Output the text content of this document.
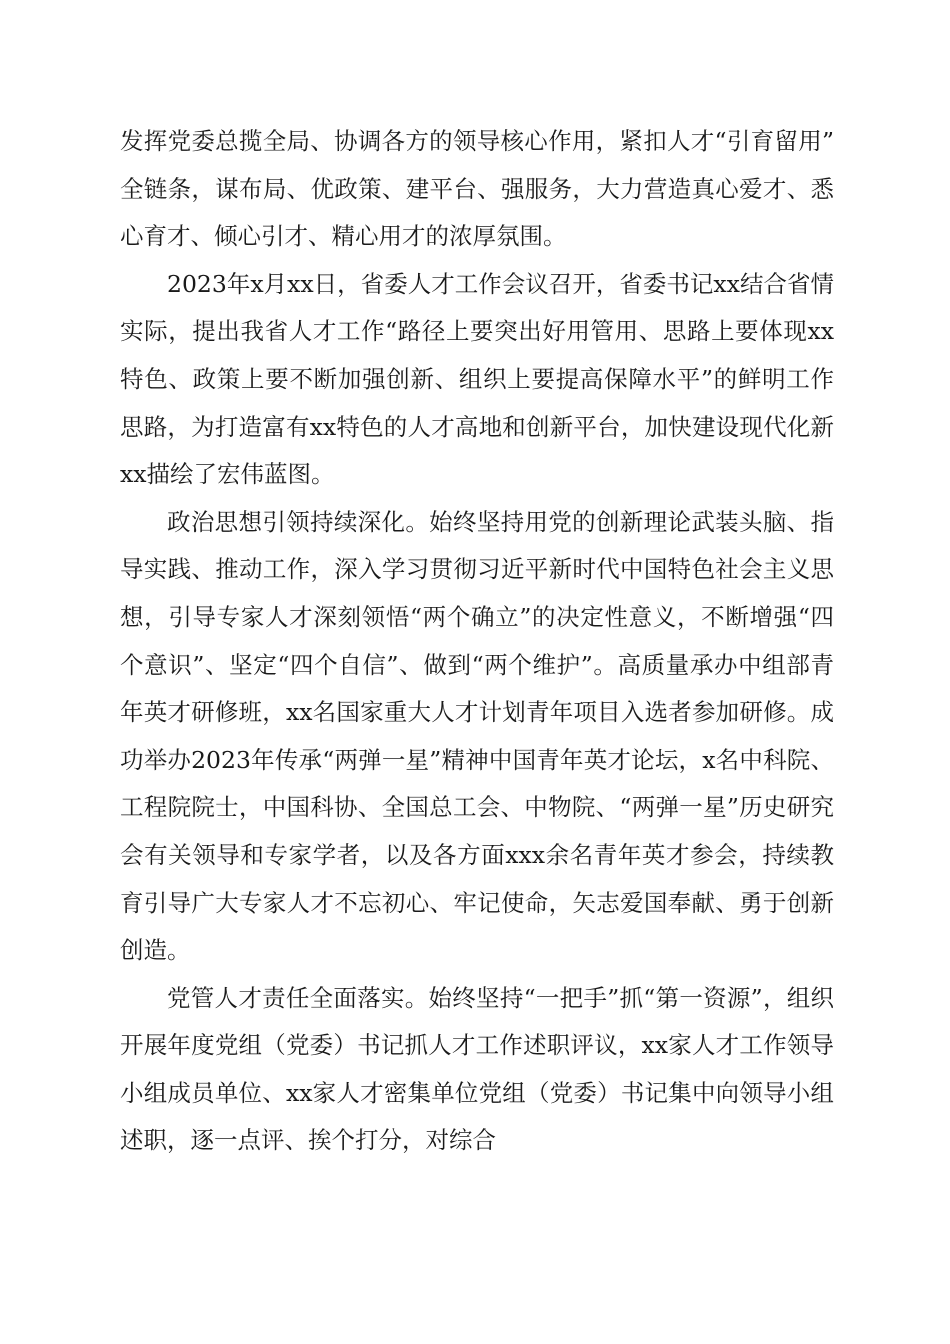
发挥党委总揽全局、协调各方的领导核心作用，紧扣人才“引育留用”全链条，谋布局、优政策、建平台、强服务，大力营造真心爱才、悉心育才、倾心引才、精心用才的浓厚氛围。

2023年x月xx日，省委人才工作会议召开，省委书记xx结合省情实际，提出我省人才工作“路径上要突出好用管用、思路上要体现xx特色、政策上要不断加强创新、组织上要提高保障水平”的鲜明工作思路，为打造富有xx特色的人才高地和创新平台，加快建设现代化新xx描绘了宏伟蓝图。

政治思想引领持续深化。始终坚持用党的创新理论武装头脑、指导实践、推动工作，深入学习贯彻习近平新时代中国特色社会主义思想，引导专家人才深刻领悟“两个确立”的决定性意义，不断增强“四个意识”、坚定“四个自信”、做到“两个维护”。高质量承办中组部青年英才研修班，xx名国家重大人才计划青年项目入选者参加研修。成功举办2023年传承“两弹一星”精神中国青年英才论坛，x名中科院、工程院院士，中国科协、全国总工会、中物院、“两弹一星”历史研究会有关领导和专家学者，以及各方面xxx余名青年英才参会，持续教育引导广大专家人才不忘初心、牢记使命，矢志爱国奉献、勇于创新创造。

党管人才责任全面落实。始终坚持“一把手”抓“第一资源”，组织开展年度党组（党委）书记抓人才工作述职评议，xx家人才工作领导小组成员单位、xx家人才密集单位党组（党委）书记集中向领导小组述职，逐一点评、挨个打分，对综合
